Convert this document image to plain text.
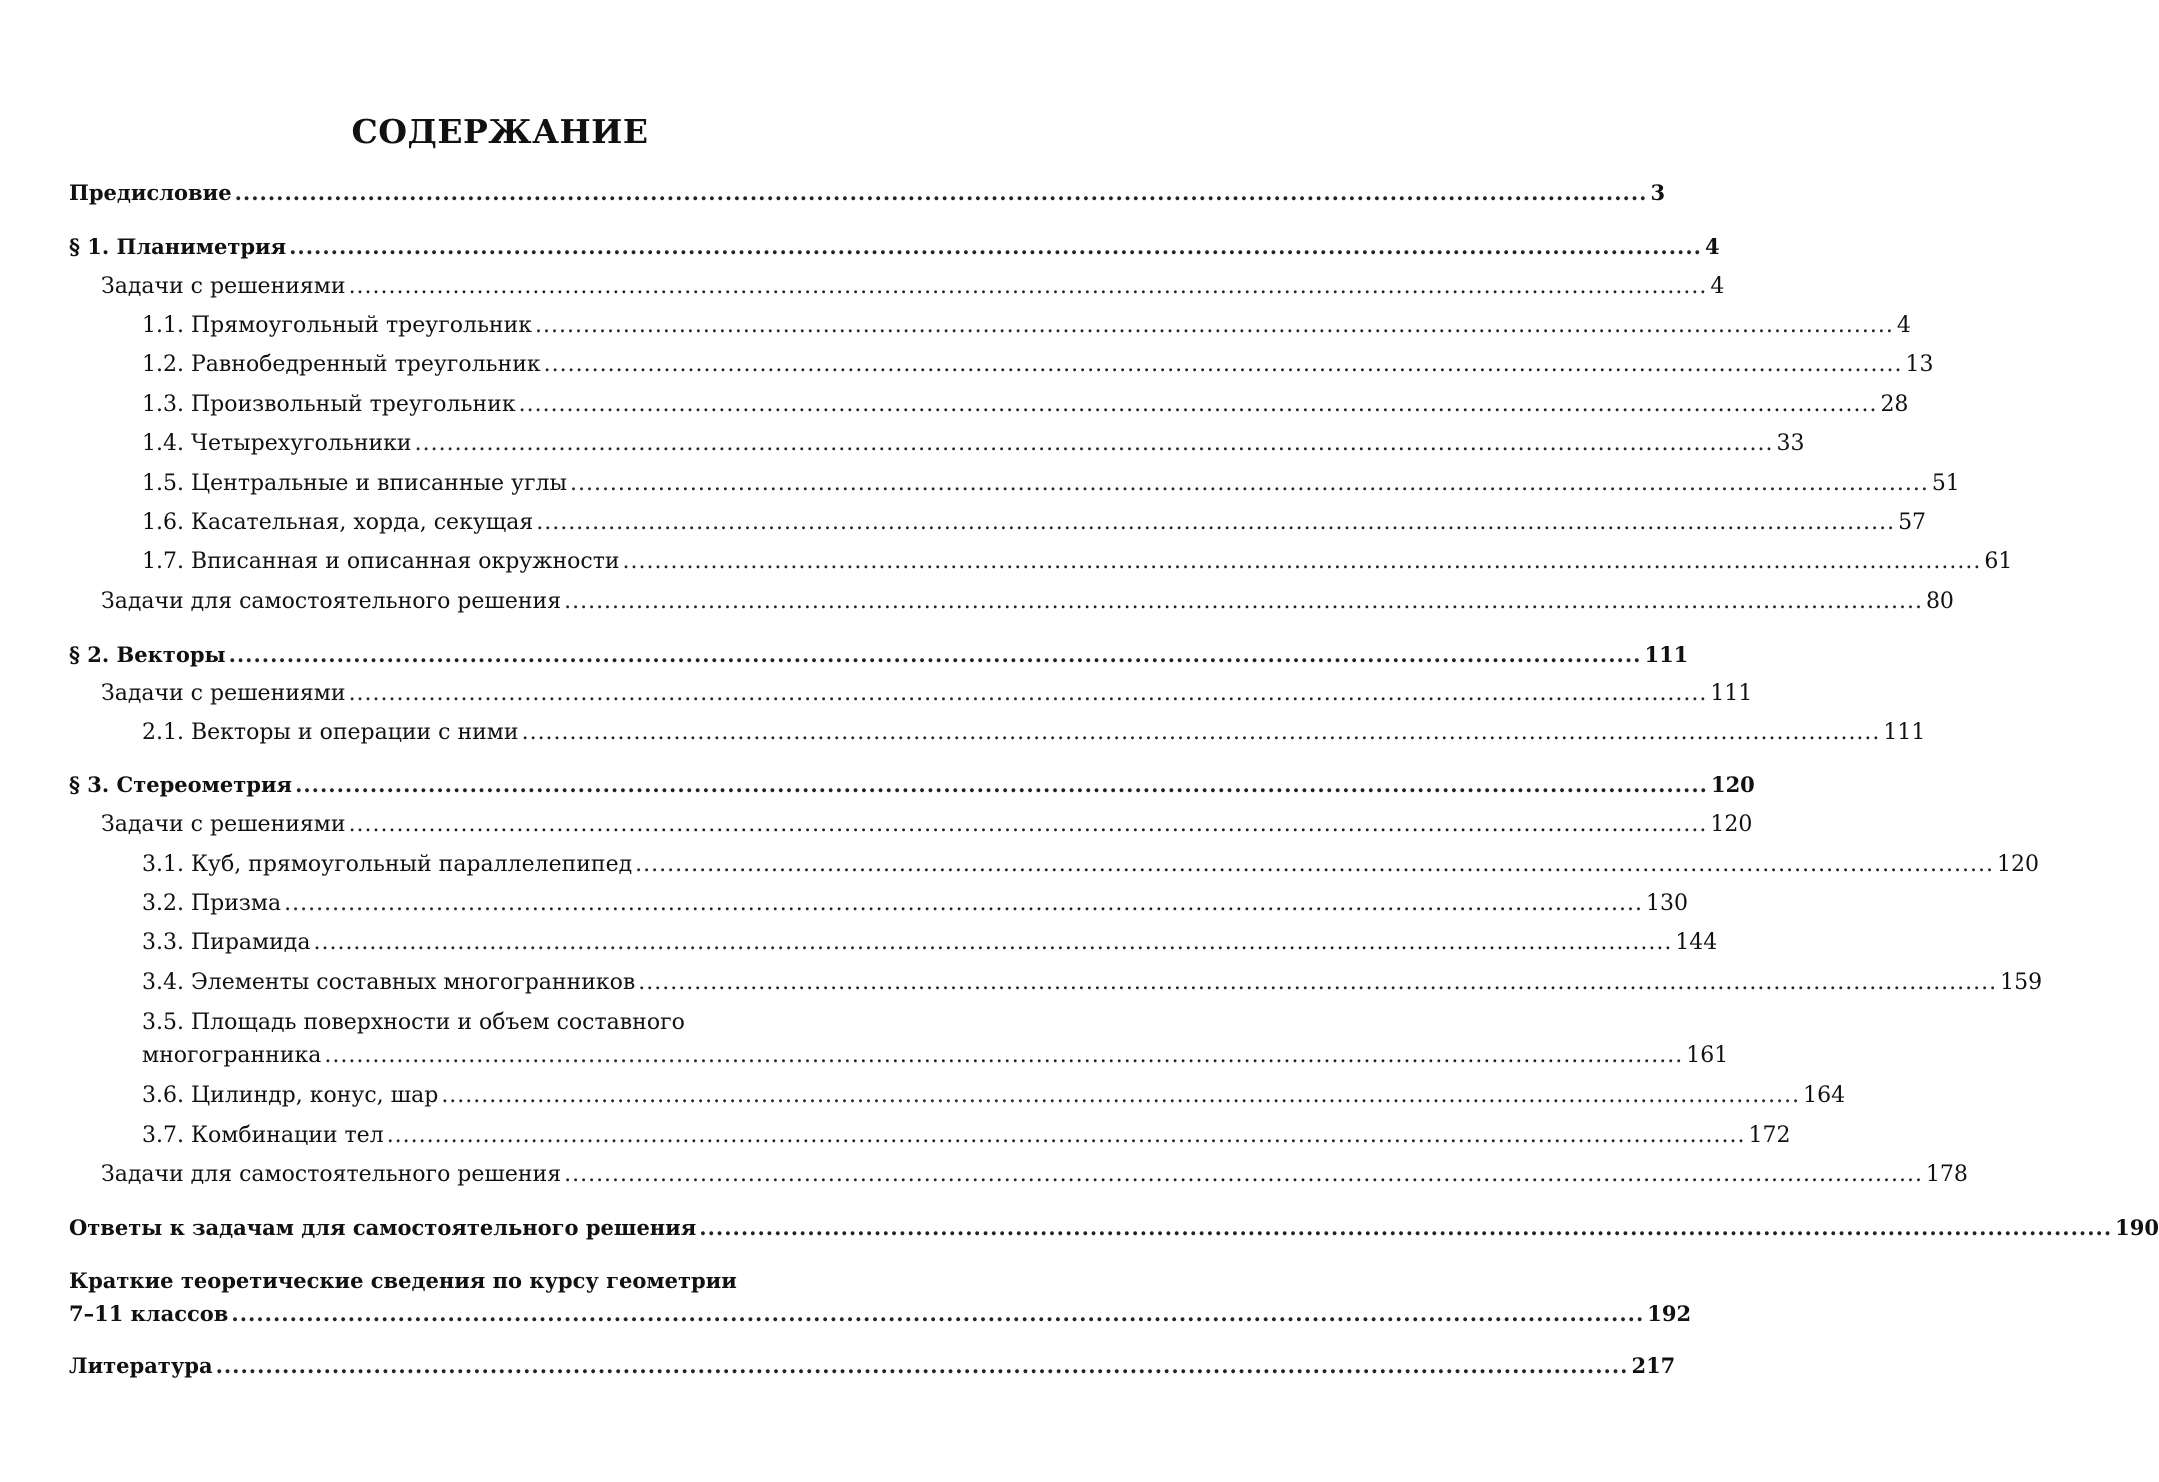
СОДЕРЖАНИЕ
Предисловие .......................................................................................................................................................................... 3
§ 1. Планиметрия .......................................................................................................................................................................... 4
Задачи с решениями .......................................................................................................................................................................... 4
1.1. Прямоугольный треугольник .......................................................................................................................................................................... 4
1.2. Равнобедренный треугольник .......................................................................................................................................................................... 13
1.3. Произвольный треугольник .......................................................................................................................................................................... 28
1.4. Четырехугольники .......................................................................................................................................................................... 33
1.5. Центральные и вписанные углы .......................................................................................................................................................................... 51
1.6. Касательная, хорда, секущая .......................................................................................................................................................................... 57
1.7. Вписанная и описанная окружности .......................................................................................................................................................................... 61
Задачи для самостоятельного решения .......................................................................................................................................................................... 80
§ 2. Векторы .......................................................................................................................................................................... 111
Задачи с решениями .......................................................................................................................................................................... 111
2.1. Векторы и операции с ними .......................................................................................................................................................................... 111
§ 3. Стереометрия .......................................................................................................................................................................... 120
Задачи с решениями .......................................................................................................................................................................... 120
3.1. Куб, прямоугольный параллелепипед .......................................................................................................................................................................... 120
3.2. Призма .......................................................................................................................................................................... 130
3.3. Пирамида .......................................................................................................................................................................... 144
3.4. Элементы составных многогранников .......................................................................................................................................................................... 159
3.5. Площадь поверхности и объем составного
многогранника .......................................................................................................................................................................... 161
3.6. Цилиндр, конус, шар .......................................................................................................................................................................... 164
3.7. Комбинации тел .......................................................................................................................................................................... 172
Задачи для самостоятельного решения .......................................................................................................................................................................... 178
Ответы к задачам для самостоятельного решения .......................................................................................................................................................................... 190
Краткие теоретические сведения по курсу геометрии
7–11 классов .......................................................................................................................................................................... 192
Литература .......................................................................................................................................................................... 217
